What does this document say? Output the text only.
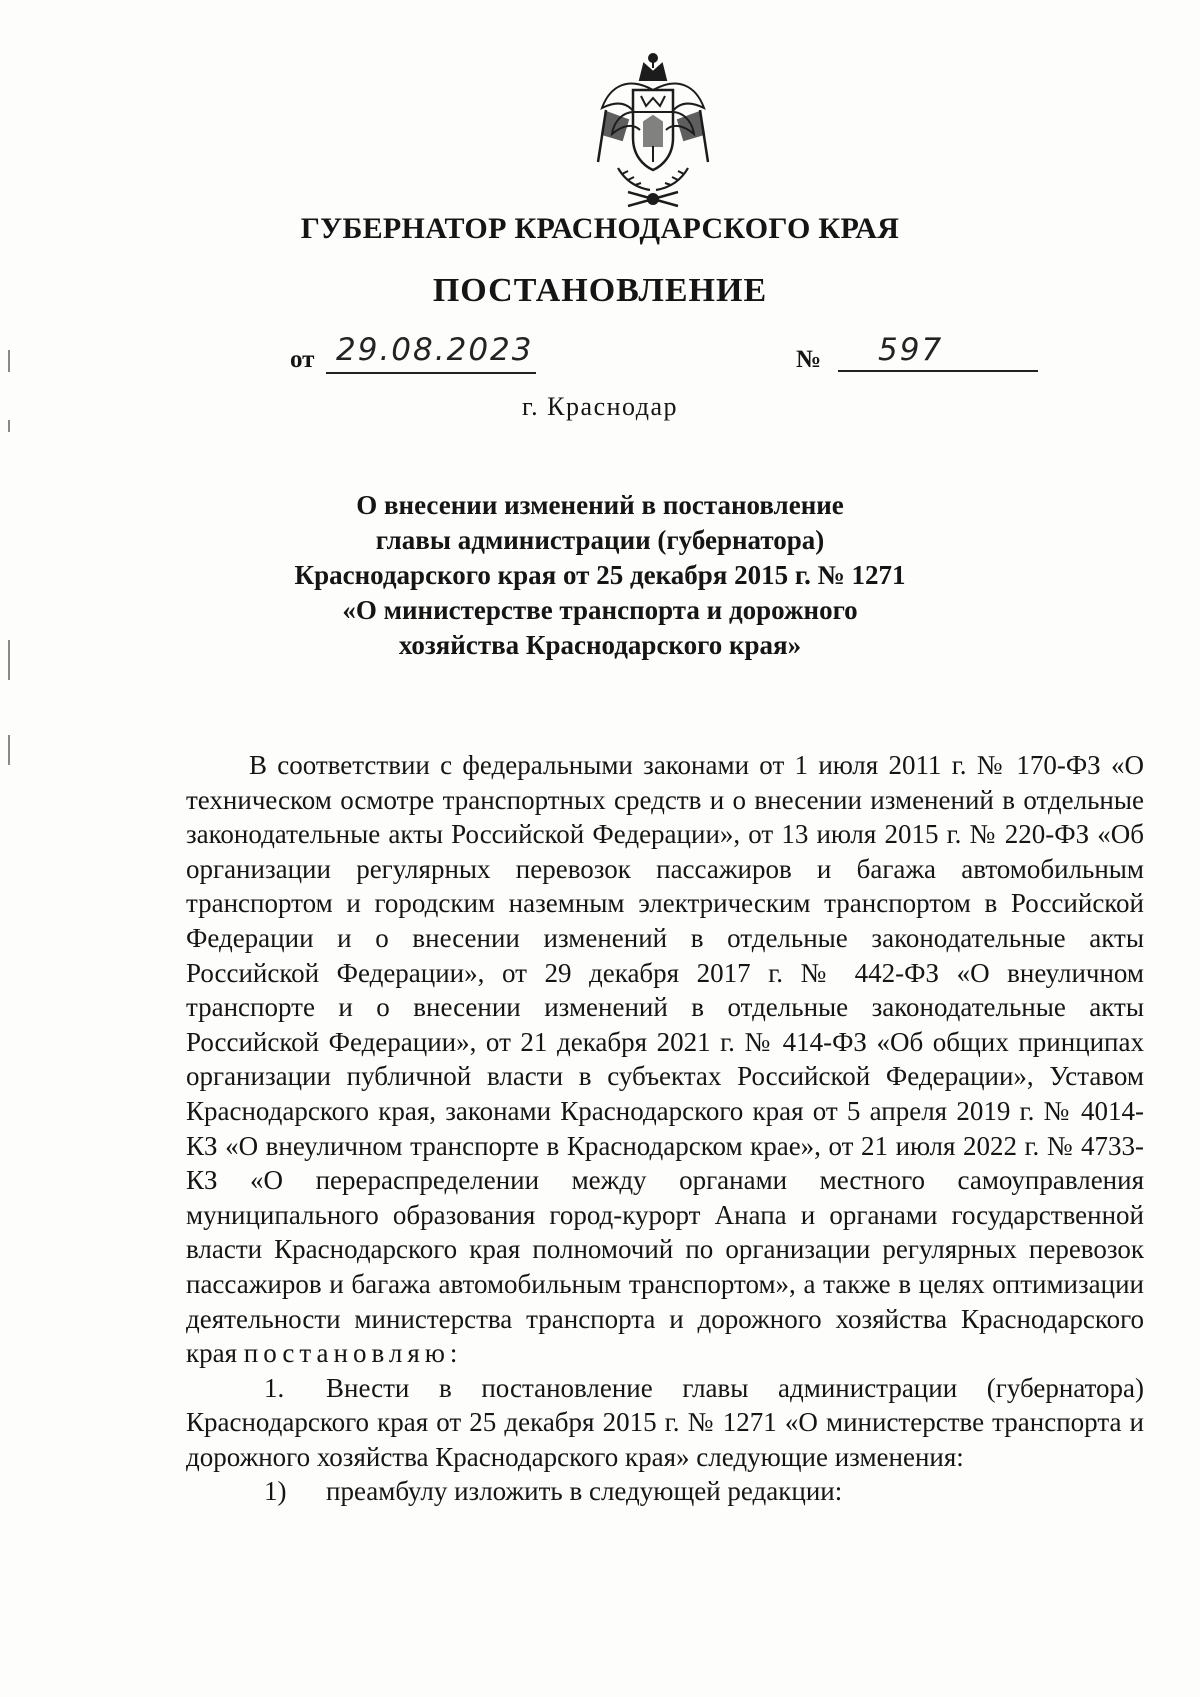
ГУБЕРНАТОР КРАСНОДАРСКОГО КРАЯ
ПОСТАНОВЛЕНИЕ
от 29.08.2023	№	597
г. Краснодар
О внесении изменений в постановление
главы администрации (губернатора)
Краснодарского края от 25 декабря 2015 г. № 1271
«О министерстве транспорта и дорожного
хозяйства Краснодарского края»

В соответствии с федеральными законами от 1 июля 2011 г. № 170-ФЗ «О техническом осмотре транспортных средств и о внесении изменений в отдельные законодательные акты Российской Федерации», от 13 июля 2015 г. № 220-ФЗ «Об организации регулярных перевозок пассажиров и багажа автомобильным транспортом и городским наземным электрическим транспортом в Российской Федерации и о внесении изменений в отдельные законодательные акты Российской Федерации», от 29 декабря 2017 г. № 442-ФЗ «О внеуличном транспорте и о внесении изменений в отдельные законодательные акты Российской Федерации», от 21 декабря 2021 г. № 414-ФЗ «Об общих принципах организации публичной власти в субъектах Российской Федерации», Уставом Краснодарского края, законами Краснодарского края от 5 апреля 2019 г. № 4014-КЗ «О внеуличном транспорте в Краснодарском крае», от 21 июля 2022 г. № 4733-КЗ «О перераспределении между органами местного самоуправления муниципального образования город-курорт Анапа и органами государственной власти Краснодарского края полномочий по организации регулярных перевозок пассажиров и багажа автомобильным транспортом», а также в целях оптимизации деятельности министерства транспорта и дорожного хозяйства Краснодарского края постановляю:

1.	Внести в постановление главы администрации (губернатора) Краснодарского края от 25 декабря 2015 г. № 1271 «О министерстве транспорта и дорожного хозяйства Краснодарского края» следующие изменения:

1)	преамбулу изложить в следующей редакции:
